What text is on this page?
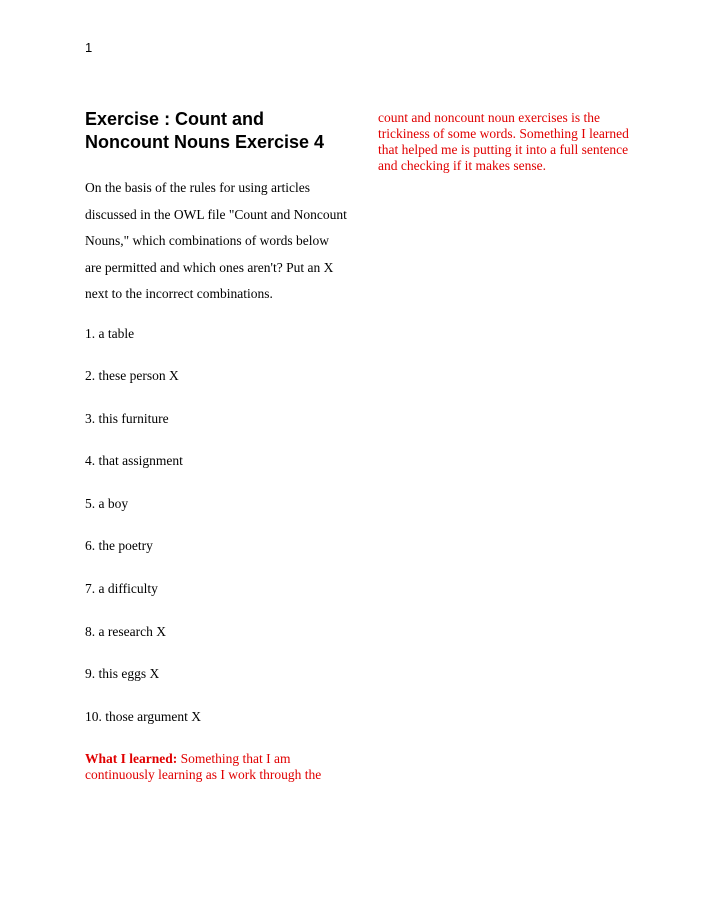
1
Exercise : Count and Noncount Nouns Exercise 4

On the basis of the rules for using articles discussed in the OWL file "Count and Noncount Nouns," which combinations of words below are permitted and which ones aren't? Put an X next to the incorrect combinations.

1. a table
2. these person X
3. this furniture
4. that assignment
5. a boy
6. the poetry
7. a difficulty
8. a research X
9. this eggs X
10. those argument X

What I learned: Something that I am continuously learning as I work through the

count and noncount noun exercises is the trickiness of some words. Something I learned that helped me is putting it into a full sentence and checking if it makes sense.
